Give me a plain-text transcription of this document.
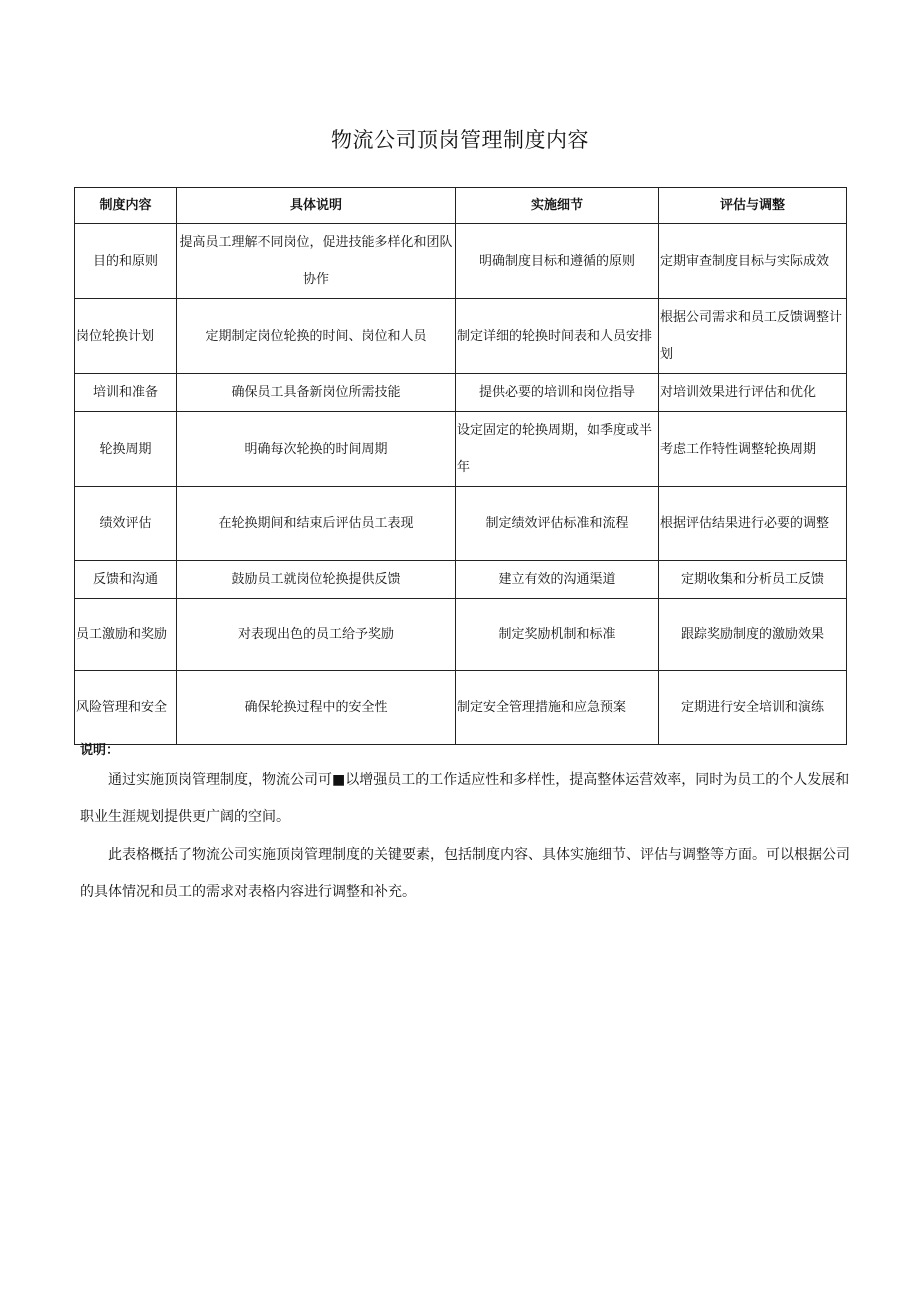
物流公司顶岗管理制度内容
制度内容	具体说明	实施细节	评估与调整
目的和原则	提高员工理解不同岗位，促进技能多样化和团队协作	明确制度目标和遵循的原则	定期审查制度目标与实际成效
岗位轮换计划	定期制定岗位轮换的时间、岗位和人员	制定详细的轮换时间表和人员安排	根据公司需求和员工反馈调整计划
培训和准备	确保员工具备新岗位所需技能	提供必要的培训和岗位指导	对培训效果进行评估和优化
轮换周期	明确每次轮换的时间周期	设定固定的轮换周期，如季度或半年	考虑工作特性调整轮换周期
绩效评估	在轮换期间和结束后评估员工表现	制定绩效评估标准和流程	根据评估结果进行必要的调整
反馈和沟通	鼓励员工就岗位轮换提供反馈	建立有效的沟通渠道	定期收集和分析员工反馈
员工激励和奖励	对表现出色的员工给予奖励	制定奖励机制和标准	跟踪奖励制度的激励效果
风险管理和安全	确保轮换过程中的安全性	制定安全管理措施和应急预案	定期进行安全培训和演练
说明：

通过实施顶岗管理制度，物流公司可■以增强员工的工作适应性和多样性，提高整体运营效率，同时为员工的个人发展和职业生涯规划提供更广阔的空间。

此表格概括了物流公司实施顶岗管理制度的关键要素，包括制度内容、具体实施细节、评估与调整等方面。可以根据公司的具体情况和员工的需求对表格内容进行调整和补充。
